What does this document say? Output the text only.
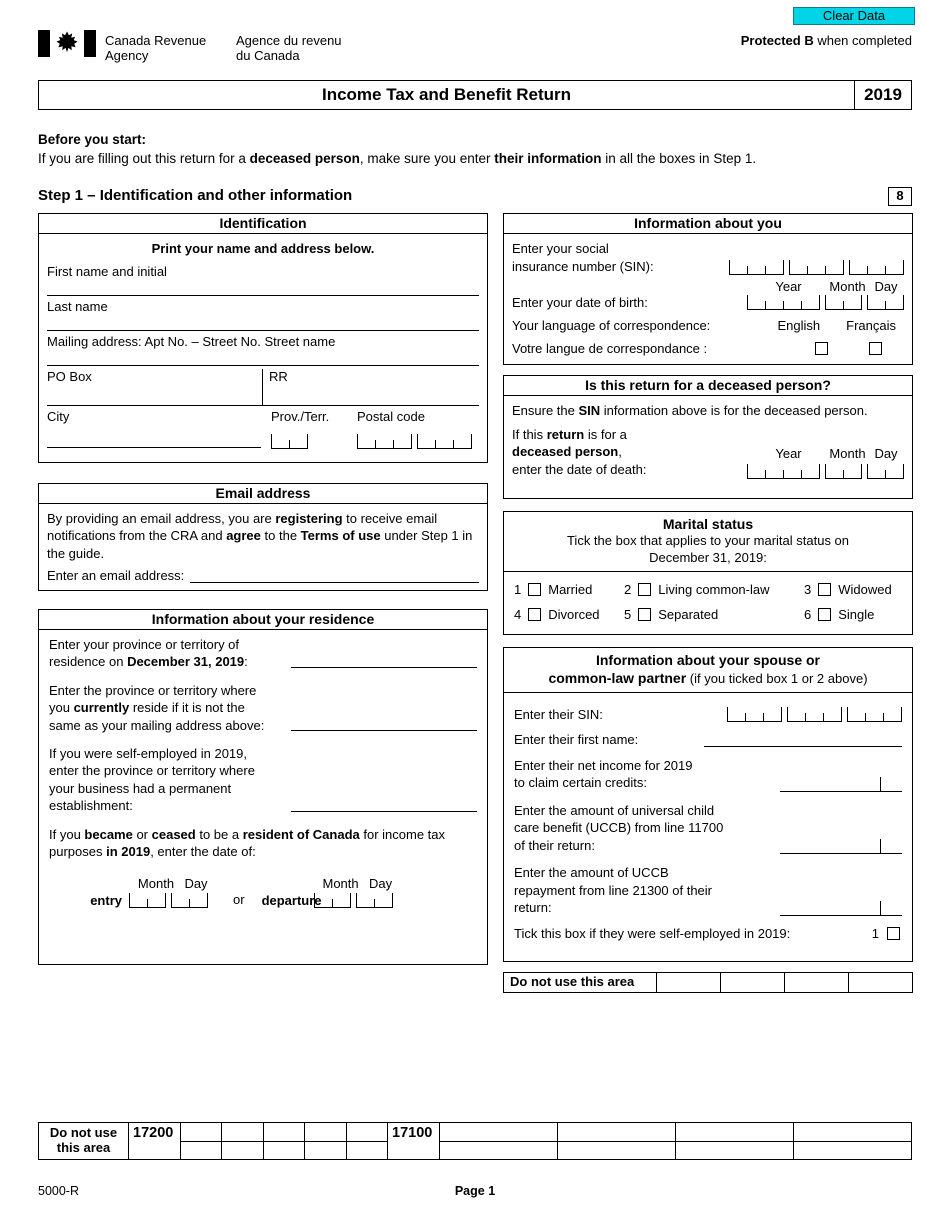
Clear Data
Protected B when completed
Canada Revenue
Agency
Agence du revenu
du Canada
Income Tax and Benefit Return	2019
Before you start:
If you are filling out this return for a deceased person, make sure you enter their information in all the boxes in Step 1.
Step 1 – Identification and other information	8
Identification
Print your name and address below.
First name and initial
Last name
Mailing address: Apt No. – Street No. Street name
PO Box	RR
City	Prov./Terr.	Postal code
Email address

By providing an email address, you are registering to receive email notifications from the CRA and agree to the Terms of use under Step 1 in the guide.

Enter an email address:
Information about your residence
Enter your province or territory of residence on December 31, 2019:
Enter the province or territory where you currently reside if it is not the same as your mailing address above:
If you were self-employed in 2019, enter the province or territory where your business had a permanent establishment:
If you became or ceased to be a resident of Canada for income tax purposes in 2019, enter the date of:
Month Day
entry	or
Month Day
departure
Information about you
Enter your social
insurance number (SIN):
Year	Month Day
Enter your date of birth:
Your language of correspondence:	English Français
Votre langue de correspondance :
Is this return for a deceased person?

Ensure the SIN information above is for the deceased person.

If this return is for a
deceased person,
enter the date of death:
Year	Month Day
Marital status
Tick the box that applies to your marital status on
December 31, 2019:
1 Married 2 Living common-law	3 Widowed
4 Divorced 5 Separated	6 Single
Information about your spouse or
common-law partner (if you ticked box 1 or 2 above)
Enter their SIN:
Enter their first name:
Enter their net income for 2019
to claim certain credits:
Enter the amount of universal child
care benefit (UCCB) from line 11700
of their return:
Enter the amount of UCCB
repayment from line 21300 of their
return:
Tick this box if they were self-employed in 2019:	1
Do not use this area
Do not use
this area
17200	17100
5000-R	Page 1
